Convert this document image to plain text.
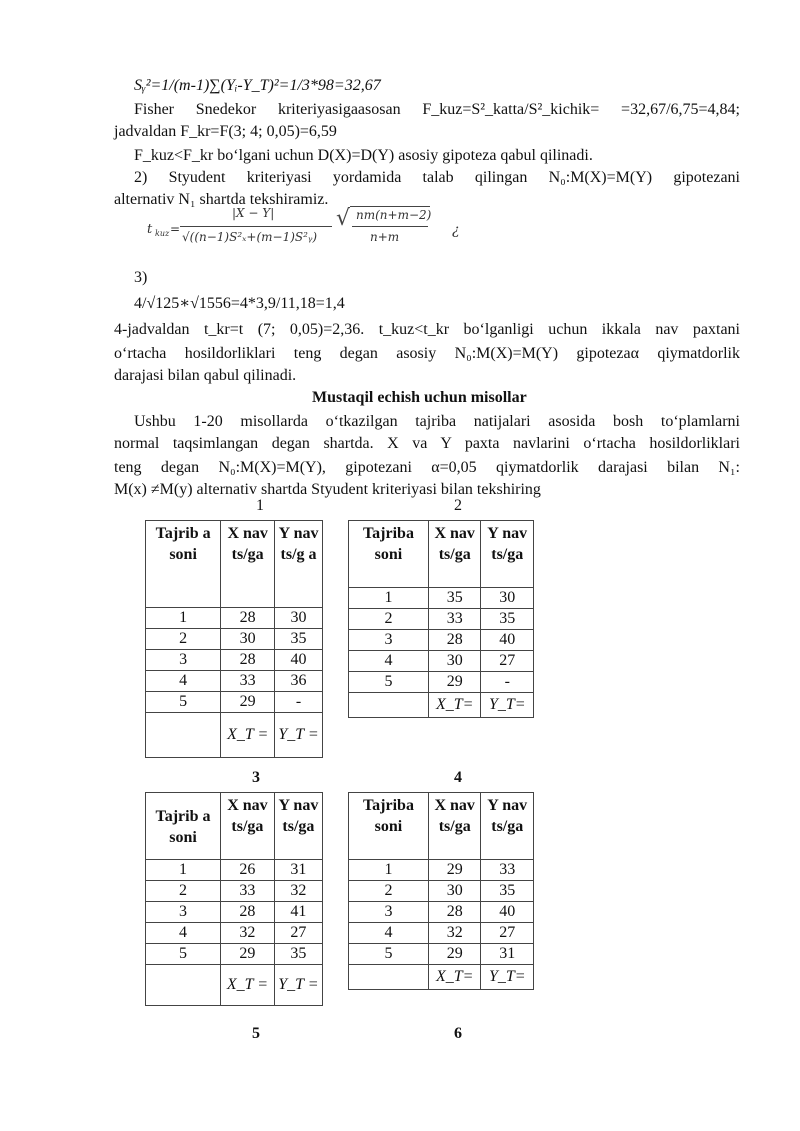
Sᵧ²=1/(m-1)∑(Yᵢ-Y_T)²=1/3*98=32,67
Fisher Snedekor kriteriyasigaasosan F_kuz=S²_katta/S²_kichik= =32,67/6,75=4,84;
jadvaldan F_kr=F(3; 4; 0,05)=6,59
F_kuz<F_kr bo‘lgani uchun D(X)=D(Y) asosiy gipoteza qabul qilinadi.
2) Styudent kriteriyasi yordamida talab qilingan N₀:M(X)=M(Y) gipotezani
alternativ N₁ shartda tekshiramiz.
t kuz =
|X − Y|
√((n−1)S²ₓ+(m−1)S²ᵧ)
√ nm(n+m−2)
n+m	¿
3)
4/√125∗√1556=4*3,9/11,18=1,4
4-jadvaldan t_kr=t (7; 0,05)=2,36. t_kuz<t_kr bo‘lganligi uchun ikkala nav paxtani
o‘rtacha hosildorliklari teng degan asosiy N₀:M(X)=M(Y) gipotezaα qiymatdorlik
darajasi bilan qabul qilinadi.
Mustaqil echish uchun misollar
Ushbu 1-20 misollarda o‘tkazilgan tajriba natijalari asosida bosh to‘plamlarni
normal taqsimlangan degan shartda. X va Y paxta navlarini o‘rtacha hosildorliklari
teng degan N₀:M(X)=M(Y), gipotezani α=0,05 qiymatdorlik darajasi bilan N₁:
M(x) ≠M(y) alternativ shartda Styudent kriteriyasi bilan tekshiring
1	2
3	4
5	6
Tajrib a soni	X nav ts/ga	Y nav ts/g a
1	28	30
2	30	35
3	28	40
4	33	36
5	29	-
	X_T =	Y_T =
Tajriba soni	X nav ts/ga	Y nav ts/ga
1	35	30
2	33	35
3	28	40
4	30	27
5	29	-
	X_T=	Y_T=
Tajrib a soni	X nav ts/ga	Y nav ts/ga
1	26	31
2	33	32
3	28	41
4	32	27
5	29	35
	X_T =	Y_T =
Tajriba soni	X nav ts/ga	Y nav ts/ga
1	29	33
2	30	35
3	28	40
4	32	27
5	29	31
	X_T=	Y_T=
